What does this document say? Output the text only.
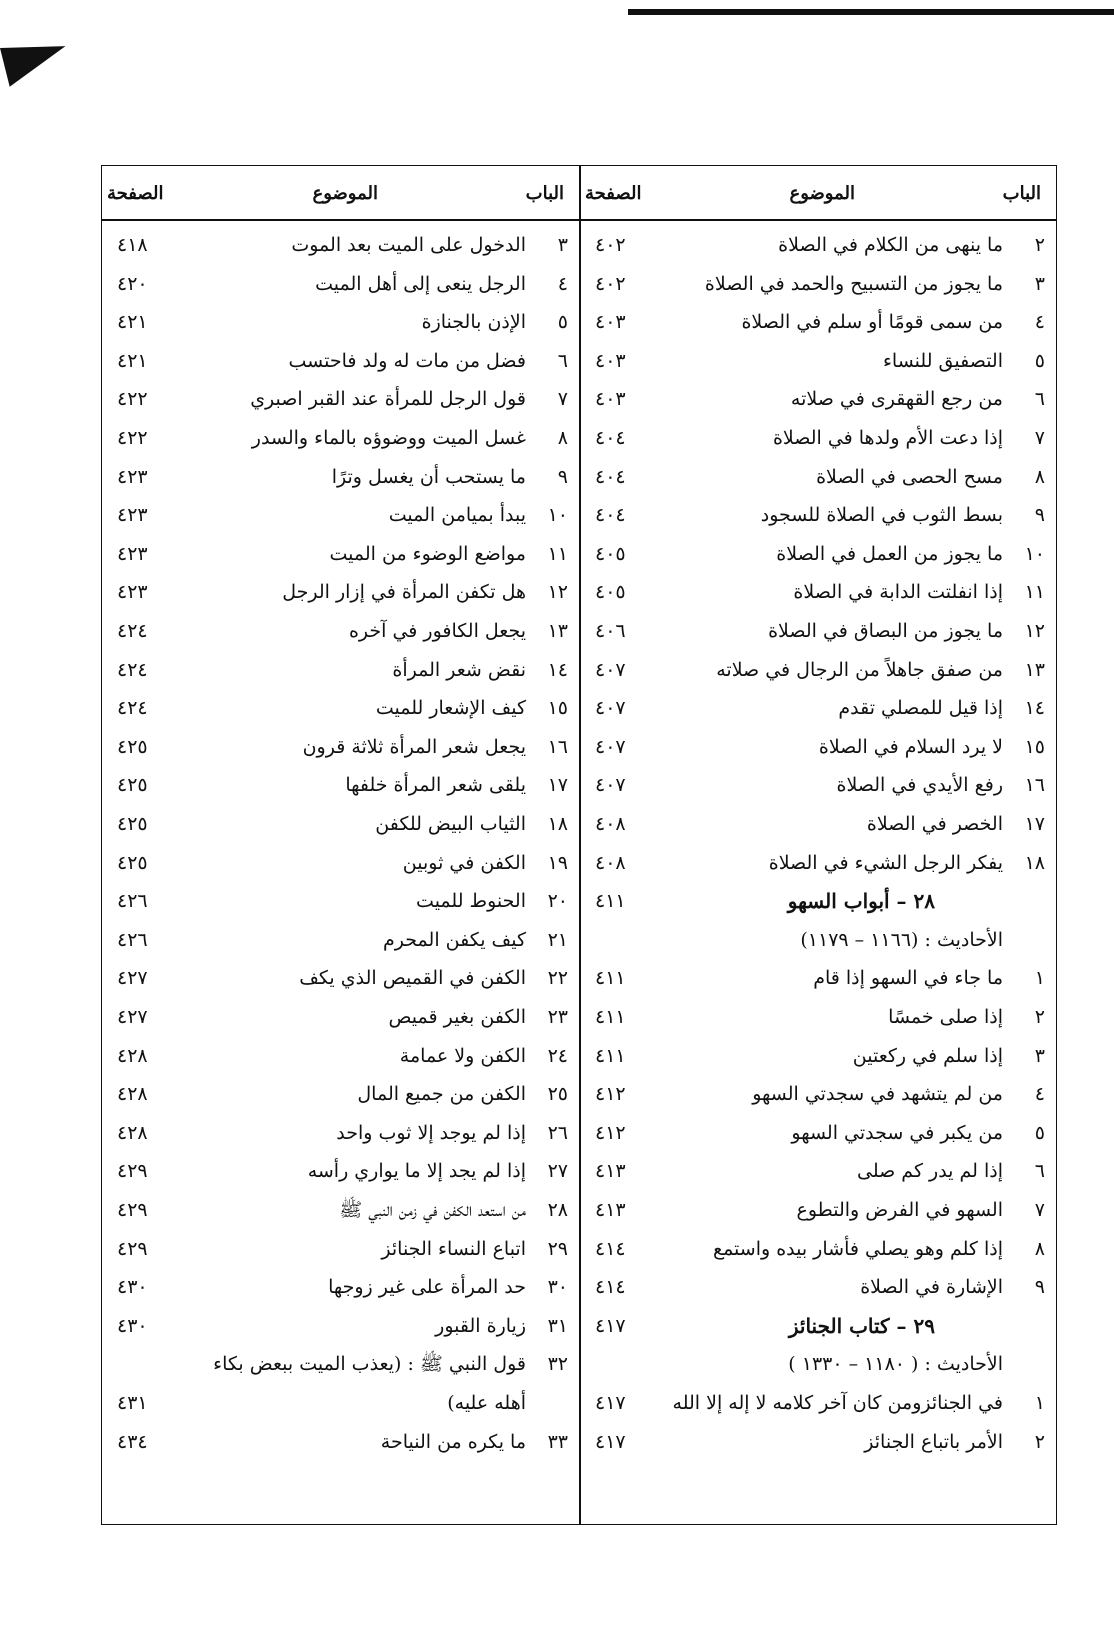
الباب
الموضوع
الصفحة
٢
ما ينهى من الكلام في الصلاة
٤٠٢
٣
ما يجوز من التسبيح والحمد في الصلاة
٤٠٢
٤
من سمى قومًا أو سلم في الصلاة
٤٠٣
٥
التصفيق للنساء
٤٠٣
٦
من رجع القهقرى في صلاته
٤٠٣
٧
إذا دعت الأم ولدها في الصلاة
٤٠٤
٨
مسح الحصى في الصلاة
٤٠٤
٩
بسط الثوب في الصلاة للسجود
٤٠٤
١٠
ما يجوز من العمل في الصلاة
٤٠٥
١١
إذا انفلتت الدابة في الصلاة
٤٠٥
١٢
ما يجوز من البصاق في الصلاة
٤٠٦
١٣
من صفق جاهلاً من الرجال في صلاته
٤٠٧
١٤
إذا قيل للمصلي تقدم
٤٠٧
١٥
لا يرد السلام في الصلاة
٤٠٧
١٦
رفع الأيدي في الصلاة
٤٠٧
١٧
الخصر في الصلاة
٤٠٨
١٨
يفكر الرجل الشيء في الصلاة
٤٠٨
٢٨ – أبواب السهو
٤١١
الأحاديث : (١١٦٦ – ١١٧٩)
١
ما جاء في السهو إذا قام
٤١١
٢
إذا صلى خمسًا
٤١١
٣
إذا سلم في ركعتين
٤١١
٤
من لم يتشهد في سجدتي السهو
٤١٢
٥
من يكبر في سجدتي السهو
٤١٢
٦
إذا لم يدر كم صلى
٤١٣
٧
السهو في الفرض والتطوع
٤١٣
٨
إذا كلم وهو يصلي فأشار بيده واستمع
٤١٤
٩
الإشارة في الصلاة
٤١٤
٢٩ – كتاب الجنائز
٤١٧
الأحاديث : ( ١١٨٠ – ١٣٣٠ )
١
في الجنائزومن كان آخر كلامه لا إله إلا الله
٤١٧
٢
الأمر باتباع الجنائز
٤١٧
الباب
الموضوع
الصفحة
٣
الدخول على الميت بعد الموت
٤١٨
٤
الرجل ينعى إلى أهل الميت
٤٢٠
٥
الإذن بالجنازة
٤٢١
٦
فضل من مات له ولد فاحتسب
٤٢١
٧
قول الرجل للمرأة عند القبر اصبري
٤٢٢
٨
غسل الميت ووضوؤه بالماء والسدر
٤٢٢
٩
ما يستحب أن يغسل وترًا
٤٢٣
١٠
يبدأ بميامن الميت
٤٢٣
١١
مواضع الوضوء من الميت
٤٢٣
١٢
هل تكفن المرأة في إزار الرجل
٤٢٣
١٣
يجعل الكافور في آخره
٤٢٤
١٤
نقض شعر المرأة
٤٢٤
١٥
كيف الإشعار للميت
٤٢٤
١٦
يجعل شعر المرأة ثلاثة قرون
٤٢٥
١٧
يلقى شعر المرأة خلفها
٤٢٥
١٨
الثياب البيض للكفن
٤٢٥
١٩
الكفن في ثوبين
٤٢٥
٢٠
الحنوط للميت
٤٢٦
٢١
كيف يكفن المحرم
٤٢٦
٢٢
الكفن في القميص الذي يكف
٤٢٧
٢٣
الكفن بغير قميص
٤٢٧
٢٤
الكفن ولا عمامة
٤٢٨
٢٥
الكفن من جميع المال
٤٢٨
٢٦
إذا لم يوجد إلا ثوب واحد
٤٢٨
٢٧
إذا لم يجد إلا ما يواري رأسه
٤٢٩
٢٨
من استعد الكفن في زمن النبي ﷺ
٤٢٩
٢٩
اتباع النساء الجنائز
٤٢٩
٣٠
حد المرأة على غير زوجها
٤٣٠
٣١
زيارة القبور
٤٣٠
٣٢
قول النبي ﷺ : (يعذب الميت ببعض بكاء
أهله عليه)
٤٣١
٣٣
ما يكره من النياحة
٤٣٤
